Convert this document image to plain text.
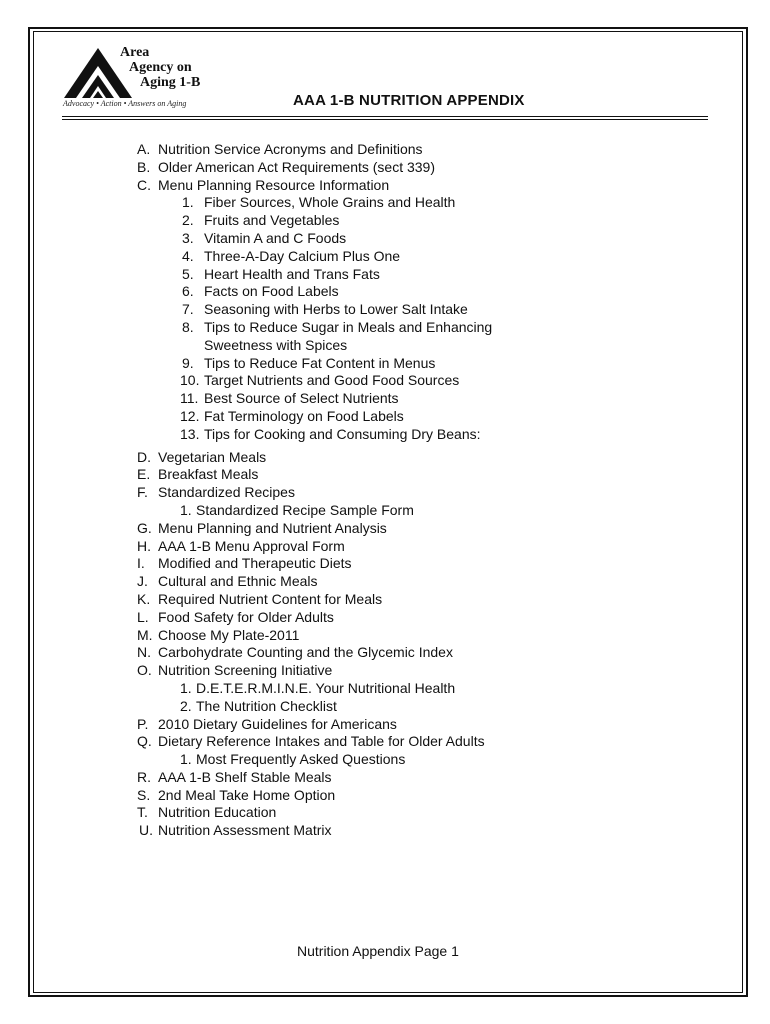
Area
Agency on
Aging 1-B
Advocacy • Action • Answers on Aging	AAA 1-B NUTRITION APPENDIX
A. Nutrition Service Acronyms and Definitions
B. Older American Act Requirements (sect 339)
C. Menu Planning Resource Information
1. Fiber Sources, Whole Grains and Health
2. Fruits and Vegetables
3. Vitamin A and C Foods
4. Three-A-Day Calcium Plus One
5. Heart Health and Trans Fats
6. Facts on Food Labels
7. Seasoning with Herbs to Lower Salt Intake
8. Tips to Reduce Sugar in Meals and Enhancing
Sweetness with Spices
9. Tips to Reduce Fat Content in Menus
10. Target Nutrients and Good Food Sources
11. Best Source of Select Nutrients
12. Fat Terminology on Food Labels
13. Tips for Cooking and Consuming Dry Beans:
D. Vegetarian Meals
E. Breakfast Meals
F. Standardized Recipes
1. Standardized Recipe Sample Form
G. Menu Planning and Nutrient Analysis
H. AAA 1-B Menu Approval Form
I. Modified and Therapeutic Diets
J. Cultural and Ethnic Meals
K. Required Nutrient Content for Meals
L. Food Safety for Older Adults
M. Choose My Plate-2011
N. Carbohydrate Counting and the Glycemic Index
O. Nutrition Screening Initiative
1. D.E.T.E.R.M.I.N.E. Your Nutritional Health
2. The Nutrition Checklist
P. 2010 Dietary Guidelines for Americans
Q. Dietary Reference Intakes and Table for Older Adults
1. Most Frequently Asked Questions
R. AAA 1-B Shelf Stable Meals
S. 2nd Meal Take Home Option
T. Nutrition Education
U. Nutrition Assessment Matrix
Nutrition Appendix Page 1
